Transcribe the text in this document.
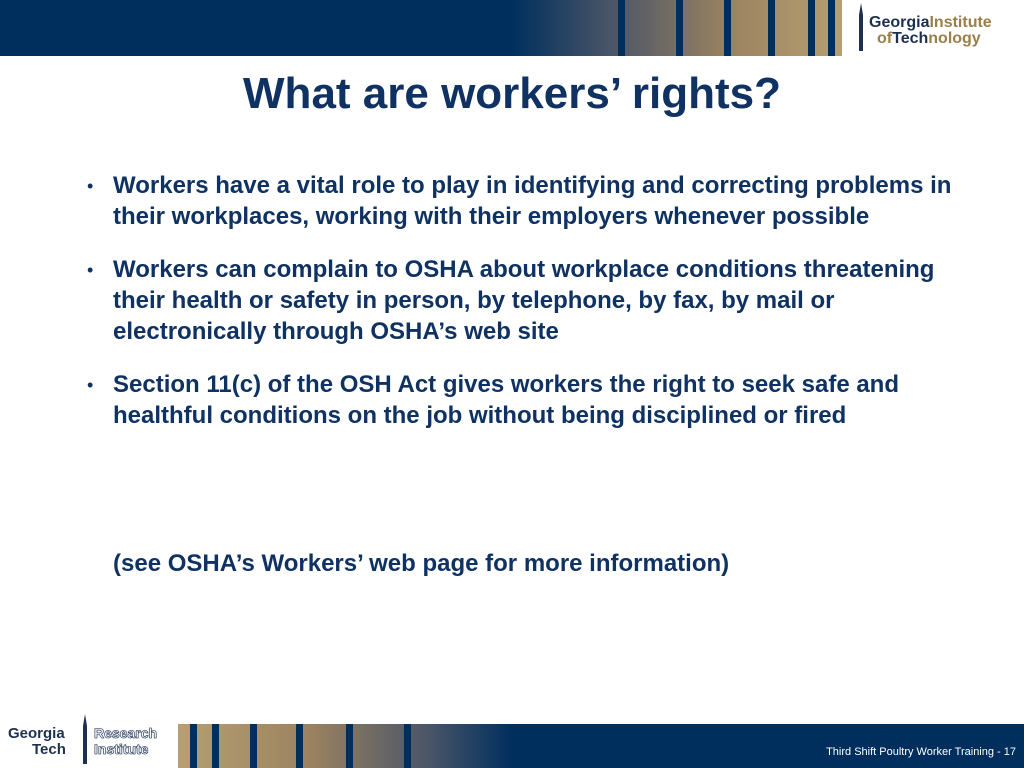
GeorgiaInstitute
ofTechnology
What are workers’ rights?
• Workers have a vital role to play in identifying and correcting problems in their workplaces, working with their employers whenever possible
• Workers can complain to OSHA about workplace conditions threatening their health or safety in person, by telephone, by fax, by mail or electronically through OSHA’s web site
• Section 11(c) of the OSH Act gives workers the right to seek safe and healthful conditions on the job without being disciplined or fired
(see OSHA’s Workers’ web page for more information)
Georgia
Tech
Research
Institute	Third Shift Poultry Worker Training - 17
